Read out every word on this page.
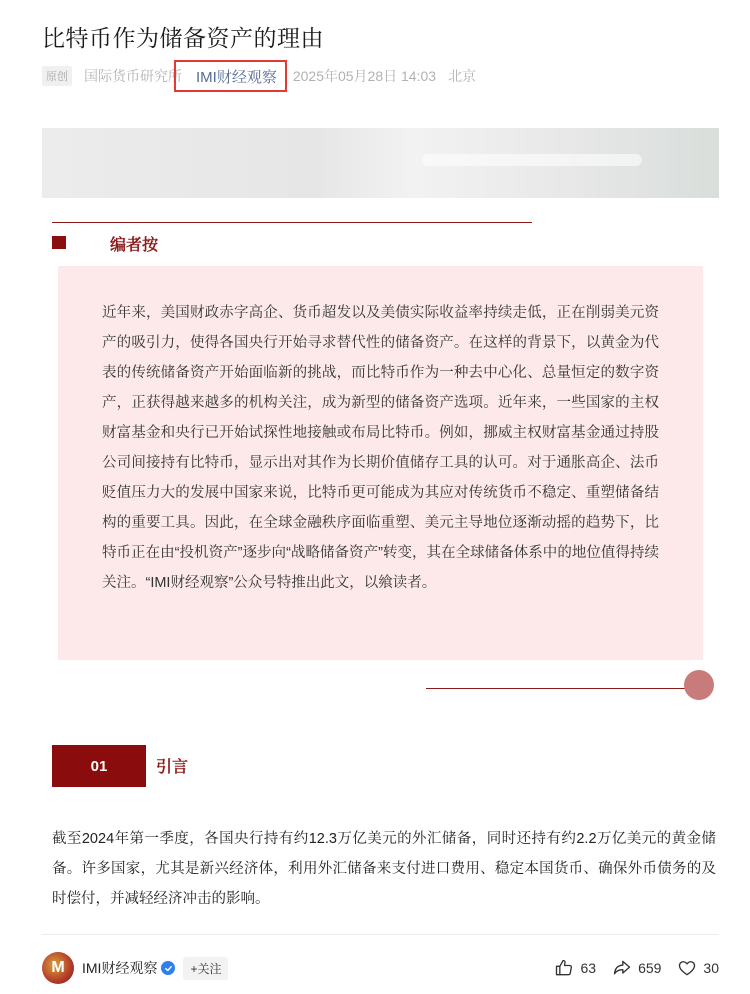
比特币作为储备资产的理由
原创 国际货币研究所 IMI财经观察 2025年05月28日 14:03 北京
编者按

近年来，美国财政赤字高企、货币超发以及美债实际收益率持续走低，正在削弱美元资产的吸引力，使得各国央行开始寻求替代性的储备资产。在这样的背景下，以黄金为代表的传统储备资产开始面临新的挑战，而比特币作为一种去中心化、总量恒定的数字资产，正获得越来越多的机构关注，成为新型的储备资产选项。近年来，一些国家的主权财富基金和央行已开始试探性地接触或布局比特币。例如，挪威主权财富基金通过持股公司间接持有比特币，显示出对其作为长期价值储存工具的认可。对于通胀高企、法币贬值压力大的发展中国家来说，比特币更可能成为其应对传统货币不稳定、重塑储备结构的重要工具。因此，在全球金融秩序面临重塑、美元主导地位逐渐动摇的趋势下，比特币正在由“投机资产”逐步向“战略储备资产”转变，其在全球储备体系中的地位值得持续关注。“IMI财经观察”公众号特推出此文，以飨读者。

01	引言

截至2024年第一季度，各国央行持有约12.3万亿美元的外汇储备，同时还持有约2.2万亿美元的黄金储备。许多国家，尤其是新兴经济体，利用外汇储备来支付进口费用、稳定本国货币、确保外币债务的及时偿付，并减轻经济冲击的影响。

M IMI财经观察	+关注	63	659	30
